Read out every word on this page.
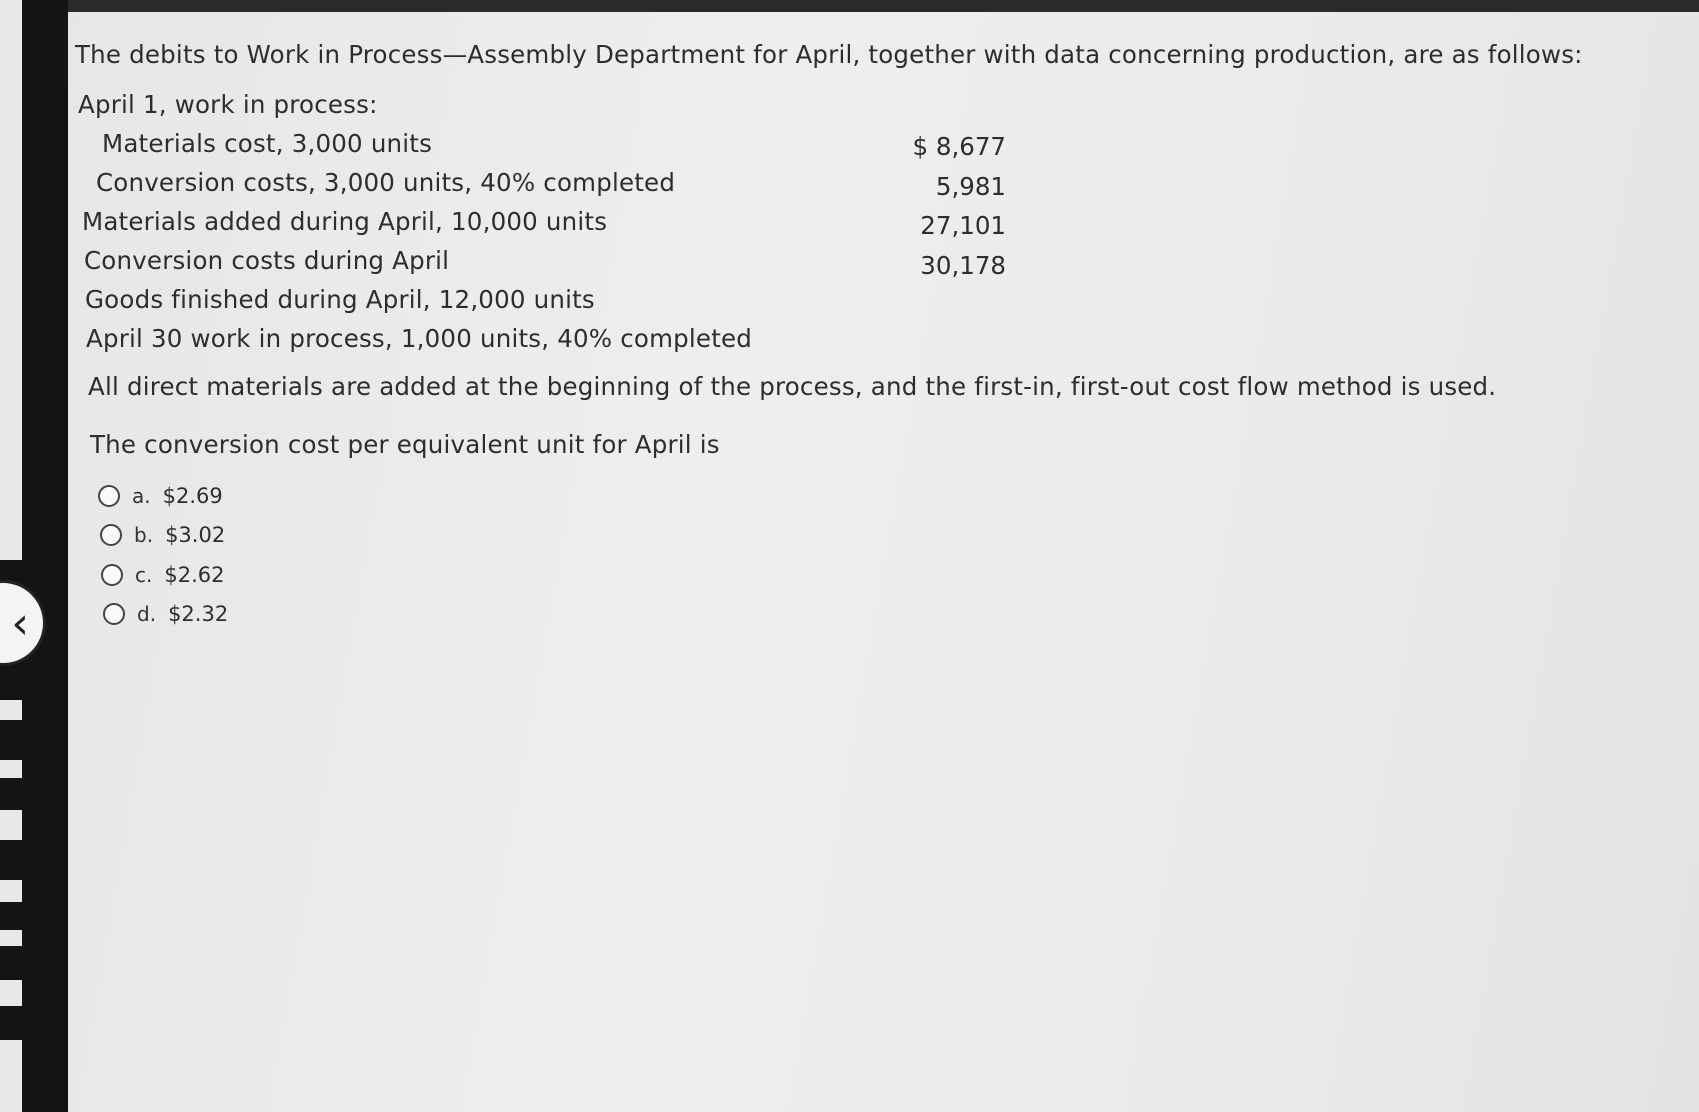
The debits to Work in Process—Assembly Department for April, together with data concerning production, are as follows:
April 1, work in process:
Materials cost, 3,000 units	$ 8,677
Conversion costs, 3,000 units, 40% completed	5,981
Materials added during April, 10,000 units	27,101
Conversion costs during April	30,178
Goods finished during April, 12,000 units
April 30 work in process, 1,000 units, 40% completed
All direct materials are added at the beginning of the process, and the first-in, first-out cost flow method is used.
The conversion cost per equivalent unit for April is
a. $2.69
b. $3.02
c. $2.62
d. $2.32
‹
